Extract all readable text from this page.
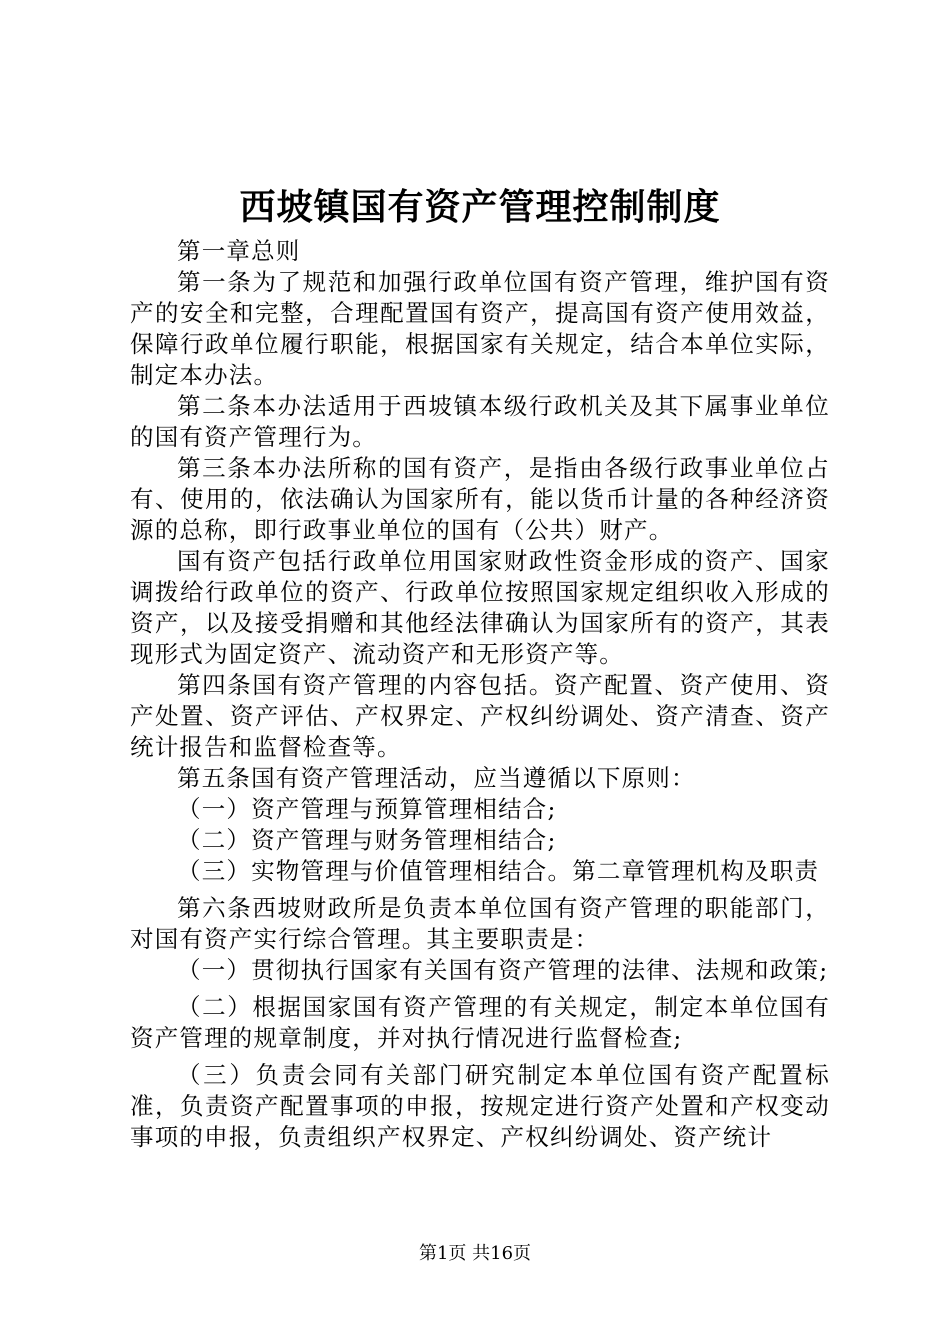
西坡镇国有资产管理控制制度

第一章总则

第一条为了规范和加强行政单位国有资产管理，维护国有资产的安全和完整，合理配置国有资产，提高国有资产使用效益，保障行政单位履行职能，根据国家有关规定，结合本单位实际，制定本办法。

第二条本办法适用于西坡镇本级行政机关及其下属事业单位的国有资产管理行为。

第三条本办法所称的国有资产，是指由各级行政事业单位占有、使用的，依法确认为国家所有，能以货币计量的各种经济资源的总称，即行政事业单位的国有（公共）财产。

国有资产包括行政单位用国家财政性资金形成的资产、国家调拨给行政单位的资产、行政单位按照国家规定组织收入形成的资产，以及接受捐赠和其他经法律确认为国家所有的资产，其表现形式为固定资产、流动资产和无形资产等。

第四条国有资产管理的内容包括。资产配置、资产使用、资产处置、资产评估、产权界定、产权纠纷调处、资产清查、资产统计报告和监督检查等。

第五条国有资产管理活动，应当遵循以下原则：

（一）资产管理与预算管理相结合;

（二）资产管理与财务管理相结合;

（三）实物管理与价值管理相结合。第二章管理机构及职责

第六条西坡财政所是负责本单位国有资产管理的职能部门，对国有资产实行综合管理。其主要职责是：

（一）贯彻执行国家有关国有资产管理的法律、法规和政策;

（二）根据国家国有资产管理的有关规定，制定本单位国有资产管理的规章制度，并对执行情况进行监督检查;

（三）负责会同有关部门研究制定本单位国有资产配置标准，负责资产配置事项的申报，按规定进行资产处置和产权变动事项的申报，负责组织产权界定、产权纠纷调处、资产统计

第1页 共16页
